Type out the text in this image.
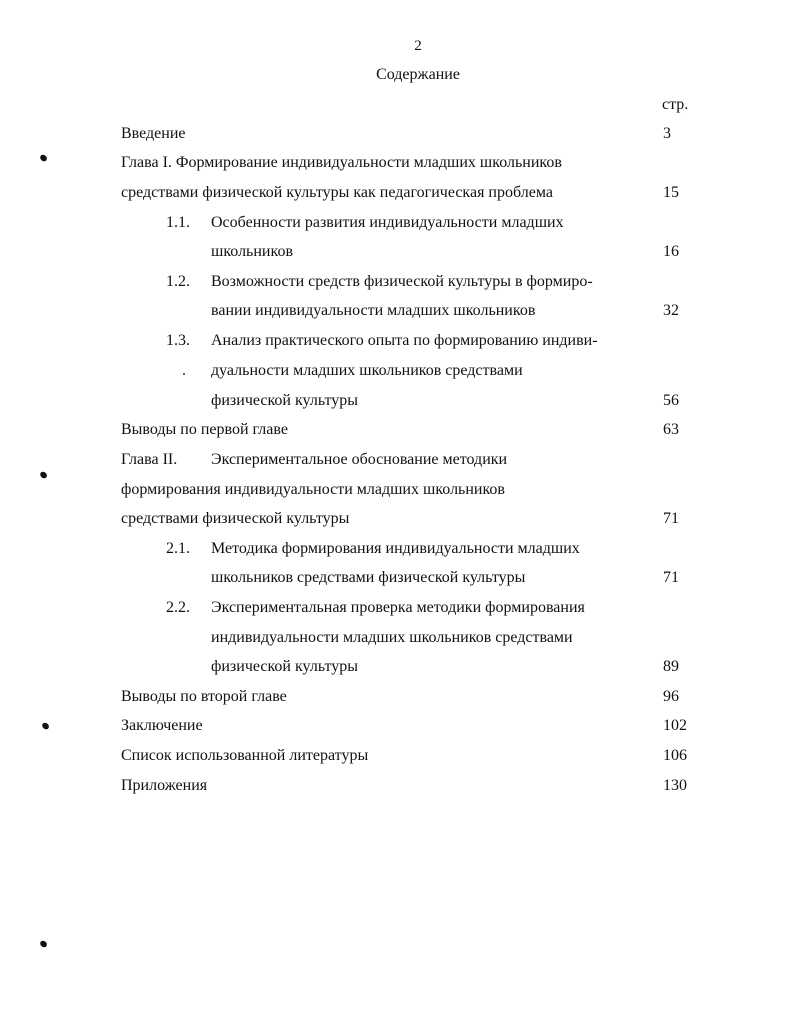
2
Содержание
стр.
Введение	3
Глава I. Формирование индивидуальности младших школьников
средствами физической культуры как педагогическая проблема	15
1.1. Особенности развития индивидуальности младших
школьников	16
1.2. Возможности средств физической культуры в формиро-
вании индивидуальности младших школьников	32
1.3. Анализ практического опыта по формированию индиви-
дуальности младших школьников средствами
физической культуры	56
Выводы по первой главе	63
Глава II. Экспериментальное обоснование методики
формирования индивидуальности младших школьников
средствами физической культуры	71
2.1. Методика формирования индивидуальности младших
школьников средствами физической культуры	71
2.2. Экспериментальная проверка методики формирования
индивидуальности младших школьников средствами
физической культуры	89
Выводы по второй главе	96
Заключение	102
Список использованной литературы	106
Приложения	130
